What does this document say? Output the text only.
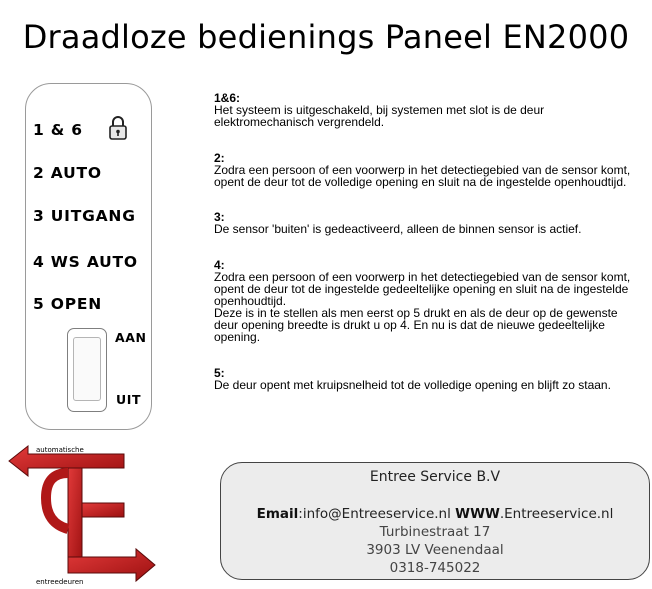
Draadloze bedienings Paneel EN2000
1 & 6
2 AUTO
3 UITGANG
4 WS AUTO
5 OPEN
AAN
UIT
1&6:
Het systeem is uitgeschakeld, bij systemen met slot is de deur elektromechanisch vergrendeld.
2:
Zodra een persoon of een voorwerp in het detectiegebied van de sensor komt, opent de deur tot de volledige opening en sluit na de ingestelde openhoudtijd.
3:
De sensor 'buiten' is gedeactiveerd, alleen de binnen sensor is actief.
4:
Zodra een persoon of een voorwerp in het detectiegebied van de sensor komt, opent de deur tot de ingestelde gedeeltelijke opening en sluit na de ingestelde openhoudtijd.
Deze is in te stellen als men eerst op 5 drukt en als de deur op de gewenste deur opening breedte is drukt u op 4. En nu is dat de nieuwe gedeeltelijke opening.
5:
De deur opent met kruipsnelheid tot de volledige opening en blijft zo staan.
automatische
entreedeuren
Entree Service B.V
Email:info@Entreeservice.nl WWW.Entreeservice.nl
Turbinestraat 17
3903 LV Veenendaal
0318-745022
